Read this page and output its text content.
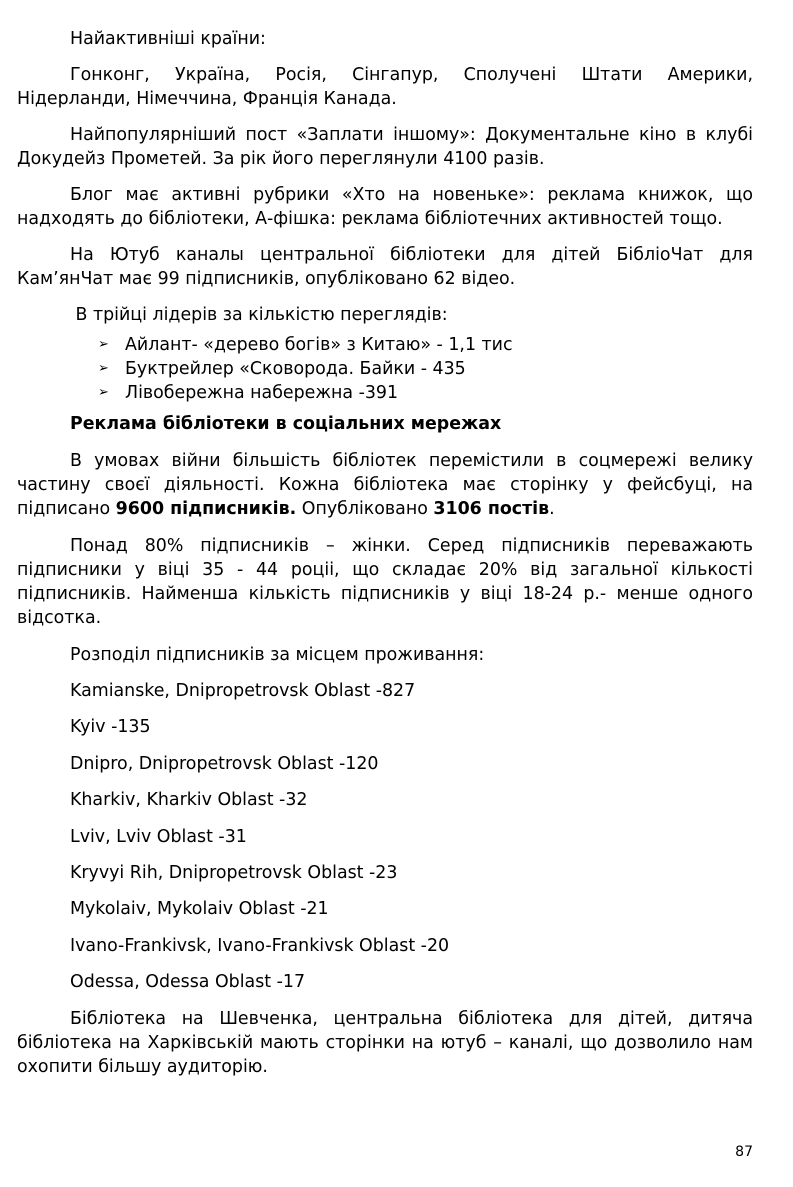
Найактивніші країни:

Гонконг, Україна, Росія, Сінгапур, Сполучені Штати Америки, Нідерланди, Німеччина, Франція Канада.

Найпопулярніший пост «Заплати іншому»: Документальне кіно в клубі Докудейз Прометей. За рік його переглянули 4100 разів.

Блог має активні рубрики «Хто на новеньке»: реклама книжок, що надходять до бібліотеки, А-фішка: реклама бібліотечних активностей тощо.

На Ютуб каналы центральної бібліотеки для дітей БібліоЧат для Кам’янЧат має 99 підписників, опубліковано 62 відео.

В трійці лідерів за кількістю переглядів:

➢ Айлант- «дерево богів» з Китаю» - 1,1 тис
➢ Буктрейлер «Сковорода. Байки - 435
➢ Лівобережна набережна -391
Реклама бібліотеки в соціальних мережах

В умовах війни більшість бібліотек перемістили в соцмережі велику частину своєї діяльності. Кожна бібліотека має сторінку у фейсбуці, на підписано 9600 підписників. Опубліковано 3106 постів.

Понад 80% підписників – жінки. Серед підписників переважають підписники у віці 35 - 44 роціі, що складає 20% від загальної кількості підписників. Найменша кількість підписників у віці 18-24 р.- менше одного відсотка.

Розподіл підписників за місцем проживання:

Kamianske, Dnipropetrovsk Oblast -827
Kyiv -135
Dnipro, Dnipropetrovsk Oblast -120
Kharkiv, Kharkiv Oblast -32
Lviv, Lviv Oblast -31
Kryvyi Rih, Dnipropetrovsk Oblast -23
Mykolaiv, Mykolaiv Oblast -21
Ivano-Frankivsk, Ivano-Frankivsk Oblast -20
Odessa, Odessa Oblast -17

Бібліотека на Шевченка, центральна бібліотека для дітей, дитяча бібліотека на Харківській мають сторінки на ютуб – каналі, що дозволило нам охопити більшу аудиторію.

87
